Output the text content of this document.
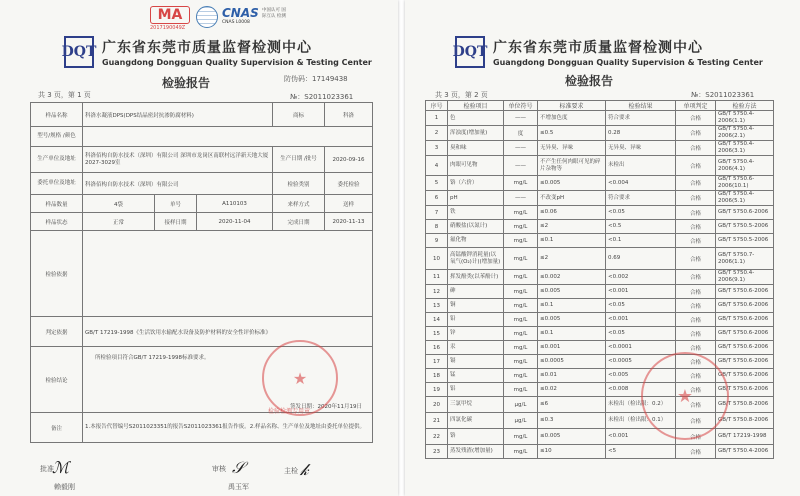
MA
2017190049Z
CNAS
CNAS L0008
中国认可 国际互认 检测
DQT 广东省东莞市质量监督检测中心
Guangdong Dongguan Quality Supervision & Testing Center
防伪码：17149438
检验报告
共 3 页，第 1 页	№：S2011023361
样品名称	科洛水凝液DPS(DPS结晶密封抗渗防腐材料)			商标	科洛
型号/规格 /颜色					
生产单位及地址	科洛佰构自防水技术（深圳）有限公司 深圳市龙岗区南联村远洋新天地大厦2027-3029室			生产日期 /批号	2020-09-16
委托单位及地址	科洛佰构自防水技术（深圳）有限公司			检验类别	委托检验
样品数量	4袋	单号	A110103	来样方式	送样
样品状态	正常	接样日期	2020-11-04	完成日期	2020-11-13
检验依据					
判定依据	GB/T 17219-1998《生活饮用水输配水设备及防护材料的安全性评价标准》				
检验结论	所检验项目符合GB/T 17219-1998标准要求。
签发日期：2020年11月19日				

备注	1.本报告代替编号S2011023351的报告S2011023361报告作废。2.样品名称、生产单位及地址由委托单位提供。				
★
检验检测专用章
ℳ
批准
赖毅刚
𝒮
审核
禹玉军
𝓀
主检
DQT 广东省东莞市质量监督检测中心
Guangdong Dongguan Quality Supervision & Testing Center
检验报告
共 3 页，第 2 页	№：S2011023361
序号	检验项目	单位符号	标准要求	检验结果	单项判定	检验方法
1	色	——	不增加色度	符合要求	合格	GB/T 5750.4-2006(1.1)
2	浑浊度(增加量)	度	≤0.5	0.28	合格	GB/T 5750.4-2006(2.1)
3	臭和味	——	无异臭、异味	无异臭、异味	合格	GB/T 5750.4-2006(3.1)
4	肉眼可见物	——	不产生任何肉眼可见的碎片杂物等	未检出	合格	GB/T 5750.4-2006(4.1)
5	铬（六价）	mg/L	≤0.005	<0.004	合格	GB/T 5750.6-2006(10.1)
6	pH	——	不改变pH	符合要求	合格	GB/T 5750.4-2006(5.1)
7	铁	mg/L	≤0.06	<0.05	合格	GB/T 5750.6-2006
8	硝酸盐(以氮计)	mg/L	≤2	<0.5	合格	GB/T 5750.5-2006
9	氟化物	mg/L	≤0.1	<0.1	合格	GB/T 5750.5-2006
10	高锰酸钾消耗量(以氧气(O₂)计)(增加量)	mg/L	≤2	0.69	合格	GB/T 5750.7-2006(1.1)
11	挥发酚类(以苯酚计)	mg/L	≤0.002	<0.002	合格	GB/T 5750.4-2006(9.1)
12	砷	mg/L	≤0.005	<0.001	合格	GB/T 5750.6-2006
13	铜	mg/L	≤0.1	<0.05	合格	GB/T 5750.6-2006
14	铅	mg/L	≤0.005	<0.001	合格	GB/T 5750.6-2006
15	锌	mg/L	≤0.1	<0.05	合格	GB/T 5750.6-2006
16	汞	mg/L	≤0.001	<0.0001	合格	GB/T 5750.6-2006
17	镉	mg/L	≤0.0005	<0.0005	合格	GB/T 5750.6-2006
18	锰	mg/L	≤0.01	<0.005	合格	GB/T 5750.6-2006
19	铝	mg/L	≤0.02	<0.008	合格	GB/T 5750.6-2006
20	三氯甲烷	μg/L	≤6	未检出（检出限：0.2）	合格	GB/T 5750.8-2006
21	四氯化碳	μg/L	≤0.3	未检出（检出限：0.1）	合格	GB/T 5750.8-2006
22	铬	mg/L	≤0.005	<0.001	合格	GB/T 17219-1998
23	蒸发残渣(增加量)	mg/L	≤10	<5	合格	GB/T 5750.4-2006
★
